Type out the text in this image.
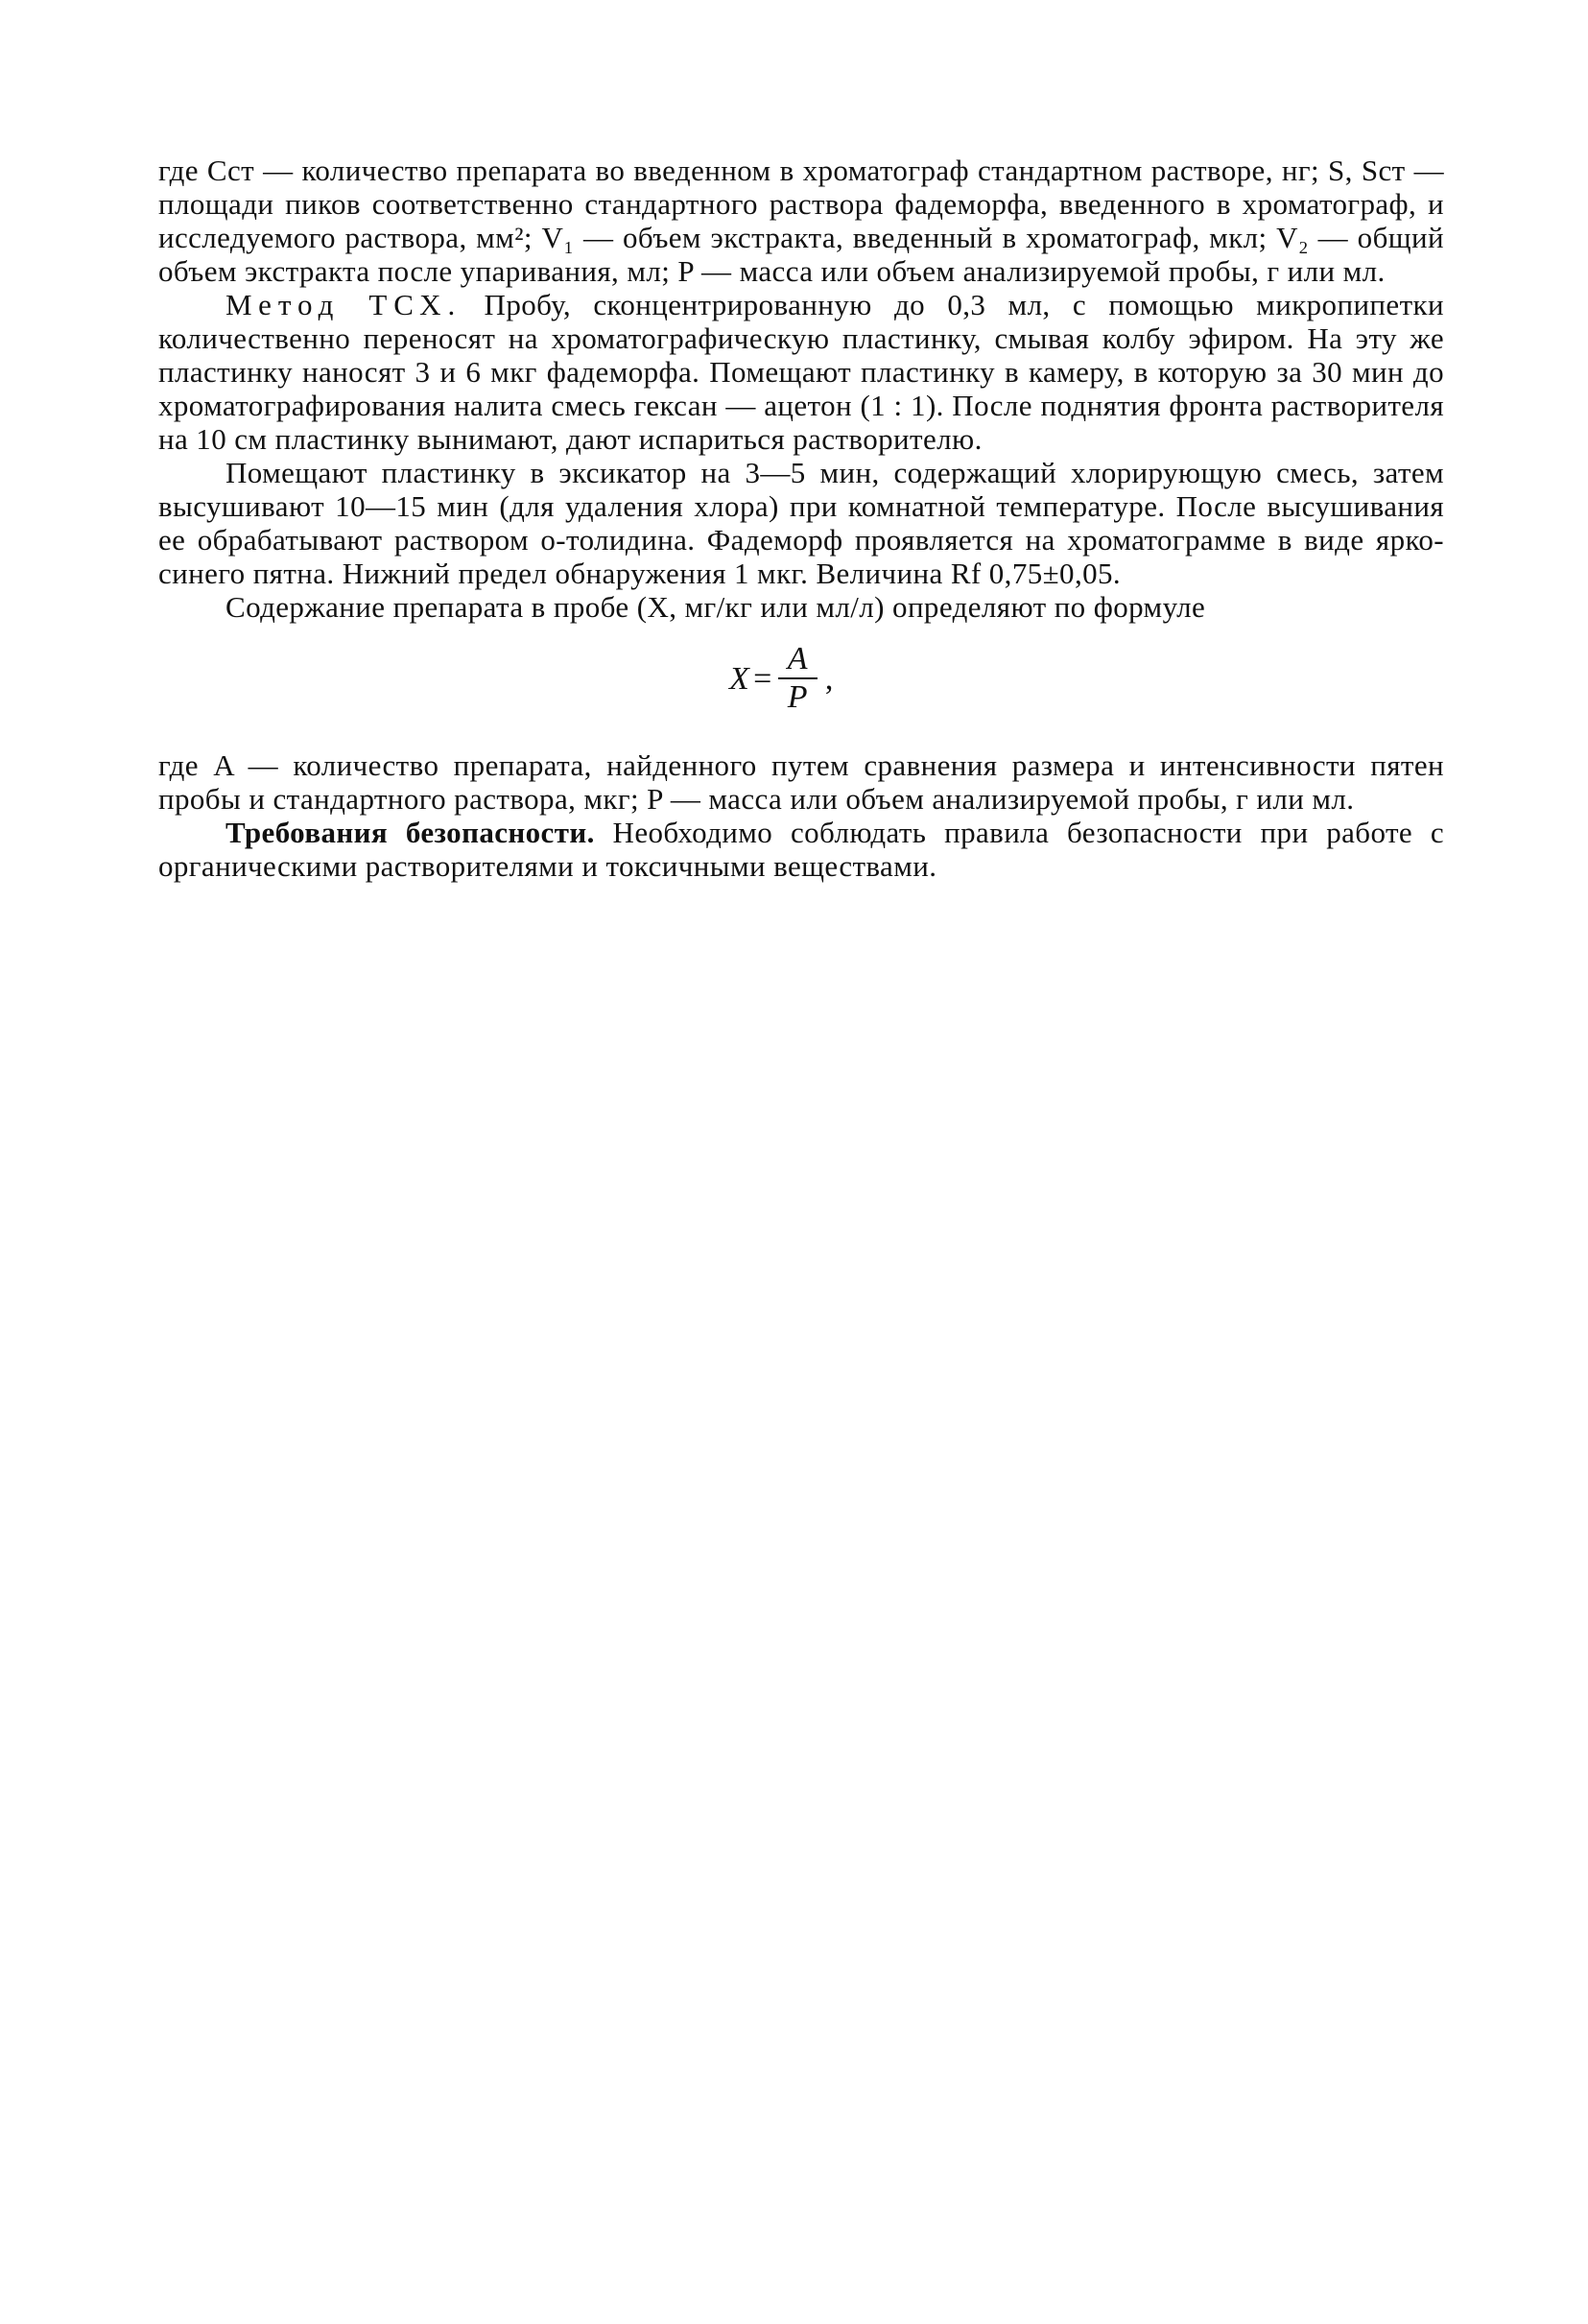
где Cст — количество препарата во введенном в хроматограф стандартном растворе, нг; S, Sст — площади пиков соответственно стандартного раствора фадеморфа, введенного в хроматограф, и исследуемого раствора, мм²; V₁ — объем экстракта, введенный в хроматограф, мкл; V₂ — общий объем экстракта после упаривания, мл; P — масса или объем анализируемой пробы, г или мл.

Метод ТСХ. Пробу, сконцентрированную до 0,3 мл, с помощью микропипетки количественно переносят на хроматографическую пластинку, смывая колбу эфиром. На эту же пластинку наносят 3 и 6 мкг фадеморфа. Помещают пластинку в камеру, в которую за 30 мин до хроматографирования налита смесь гексан — ацетон (1 : 1). После поднятия фронта растворителя на 10 см пластинку вынимают, дают испариться растворителю.

Помещают пластинку в эксикатор на 3—5 мин, содержащий хлорирующую смесь, затем высушивают 10—15 мин (для удаления хлора) при комнатной температуре. После высушивания ее обрабатывают раствором o-толидина. Фадеморф проявляется на хроматограмме в виде ярко-синего пятна. Нижний предел обнаружения 1 мкг. Величина Rf 0,75±0,05.

Содержание препарата в пробе (X, мг/кг или мл/л) определяют по формуле

$X = \frac{A}{P}$ ,

где A — количество препарата, найденного путем сравнения размера и интенсивности пятен пробы и стандартного раствора, мкг; P — масса или объем анализируемой пробы, г или мл.

Требования безопасности. Необходимо соблюдать правила безопасности при работе с органическими растворителями и токсичными веществами.
